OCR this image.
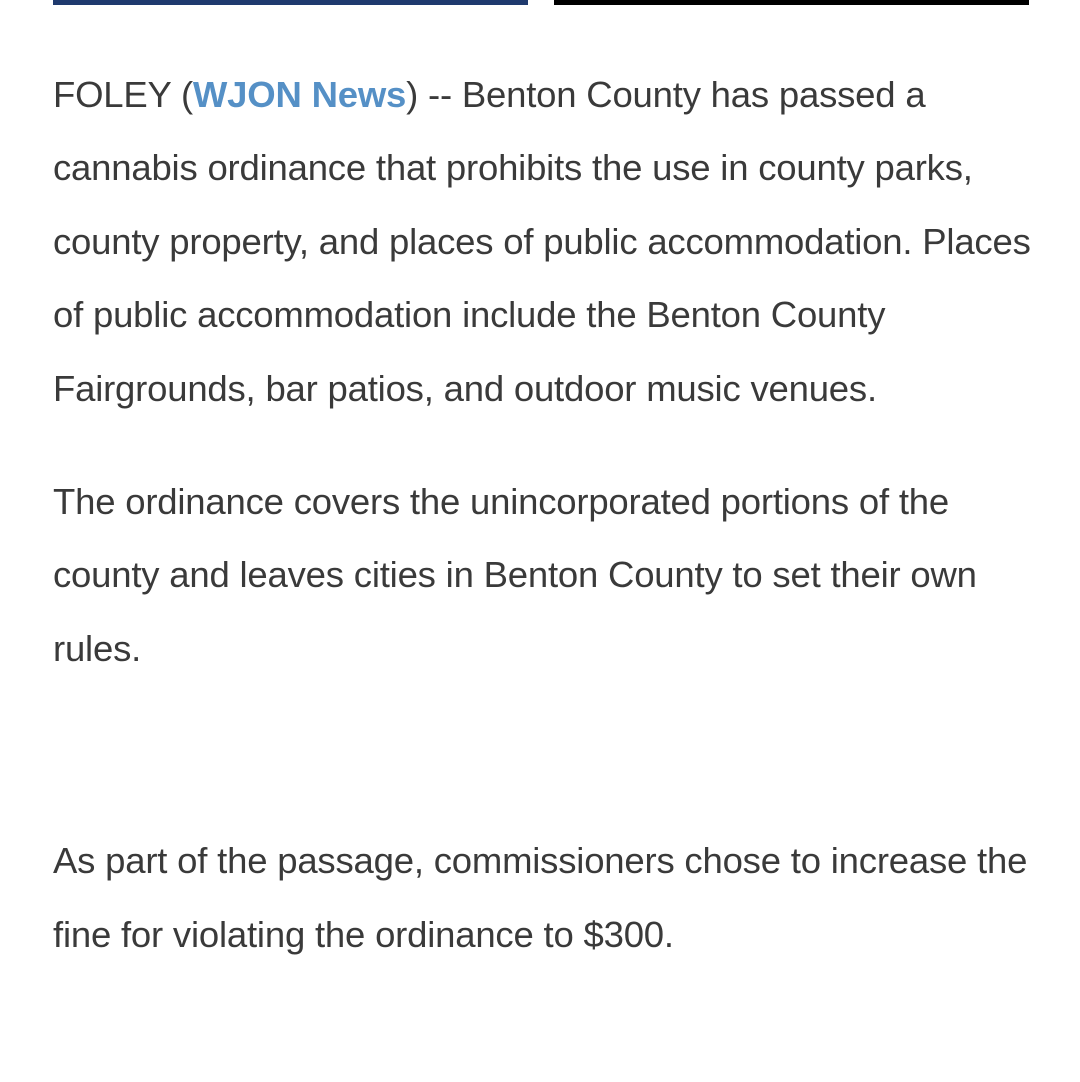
FOLEY (WJON News) -- Benton County has passed a cannabis ordinance that prohibits the use in county parks, county property, and places of public accommodation. Places of public accommodation include the Benton County Fairgrounds, bar patios, and outdoor music venues.

The ordinance covers the unincorporated portions of the county and leaves cities in Benton County to set their own rules.

As part of the passage, commissioners chose to increase the fine for violating the ordinance to $300.
